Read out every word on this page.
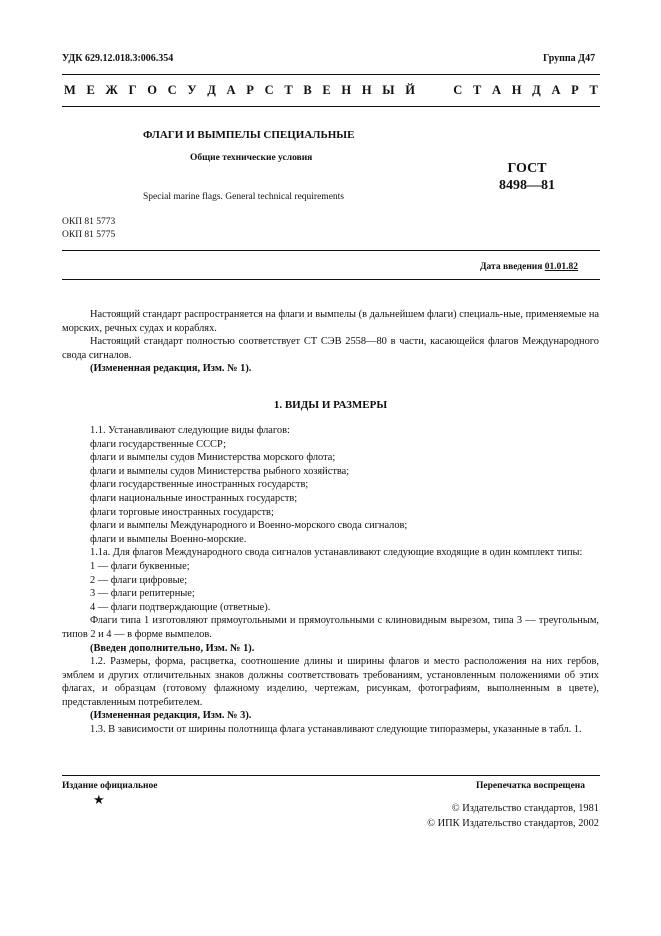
УДК 629.12.018.3:006.354	Группа Д47
М Е Ж Г О С У Д А Р С Т В Е Н Н Ы Й

	С Т А Н Д А Р Т
ФЛАГИ И ВЫМПЕЛЫ СПЕЦИАЛЬНЫЕ
Общие технические условия
ГОСТ
8498—81
Special marine flags. General technical requirements
ОКП 81 5773
ОКП 81 5775
Дата введения 01.01.82

Настоящий стандарт распространяется на флаги и вымпелы (в дальнейшем флаги) специаль-ные, применяемые на морских, речных судах и кораблях.

Настоящий стандарт полностью соответствует СТ СЭВ 2558—80 в части, касающейся флагов Международного свода сигналов.

(Измененная редакция, Изм. № 1).

1. ВИДЫ И РАЗМЕРЫ

1.1. Устанавливают следующие виды флагов:

флаги государственные СССР;

флаги и вымпелы судов Министерства морского флота;

флаги и вымпелы судов Министерства рыбного хозяйства;

флаги государственные иностранных государств;

флаги национальные иностранных государств;

флаги торговые иностранных государств;

флаги и вымпелы Международного и Военно-морского свода сигналов;

флаги и вымпелы Военно-морские.

1.1а. Для флагов Международного свода сигналов устанавливают следующие входящие в один комплект типы:

1 — флаги буквенные;

2 — флаги цифровые;

3 — флаги репитерные;

4 — флаги подтверждающие (ответные).

Флаги типа 1 изготовляют прямоугольными и прямоугольными с клиновидным вырезом, типа 3 — треугольным, типов 2 и 4 — в форме вымпелов.

(Введен дополнительно, Изм. № 1).

1.2. Размеры, форма, расцветка, соотношение длины и ширины флагов и место расположения на них гербов, эмблем и других отличительных знаков должны соответствовать требованиям, установленным положениями об этих флагах, и образцам (готовому флажному изделию, чертежам, рисункам, фотографиям, выполненным в цвете), представленным потребителем.

(Измененная редакция, Изм. № 3).

1.3. В зависимости от ширины полотнища флага устанавливают следующие типоразмеры, указанные в табл. 1.

Издание официальное	Перепечатка воспрещена
★
© Издательство стандартов, 1981
© ИПК Издательство стандартов, 2002
